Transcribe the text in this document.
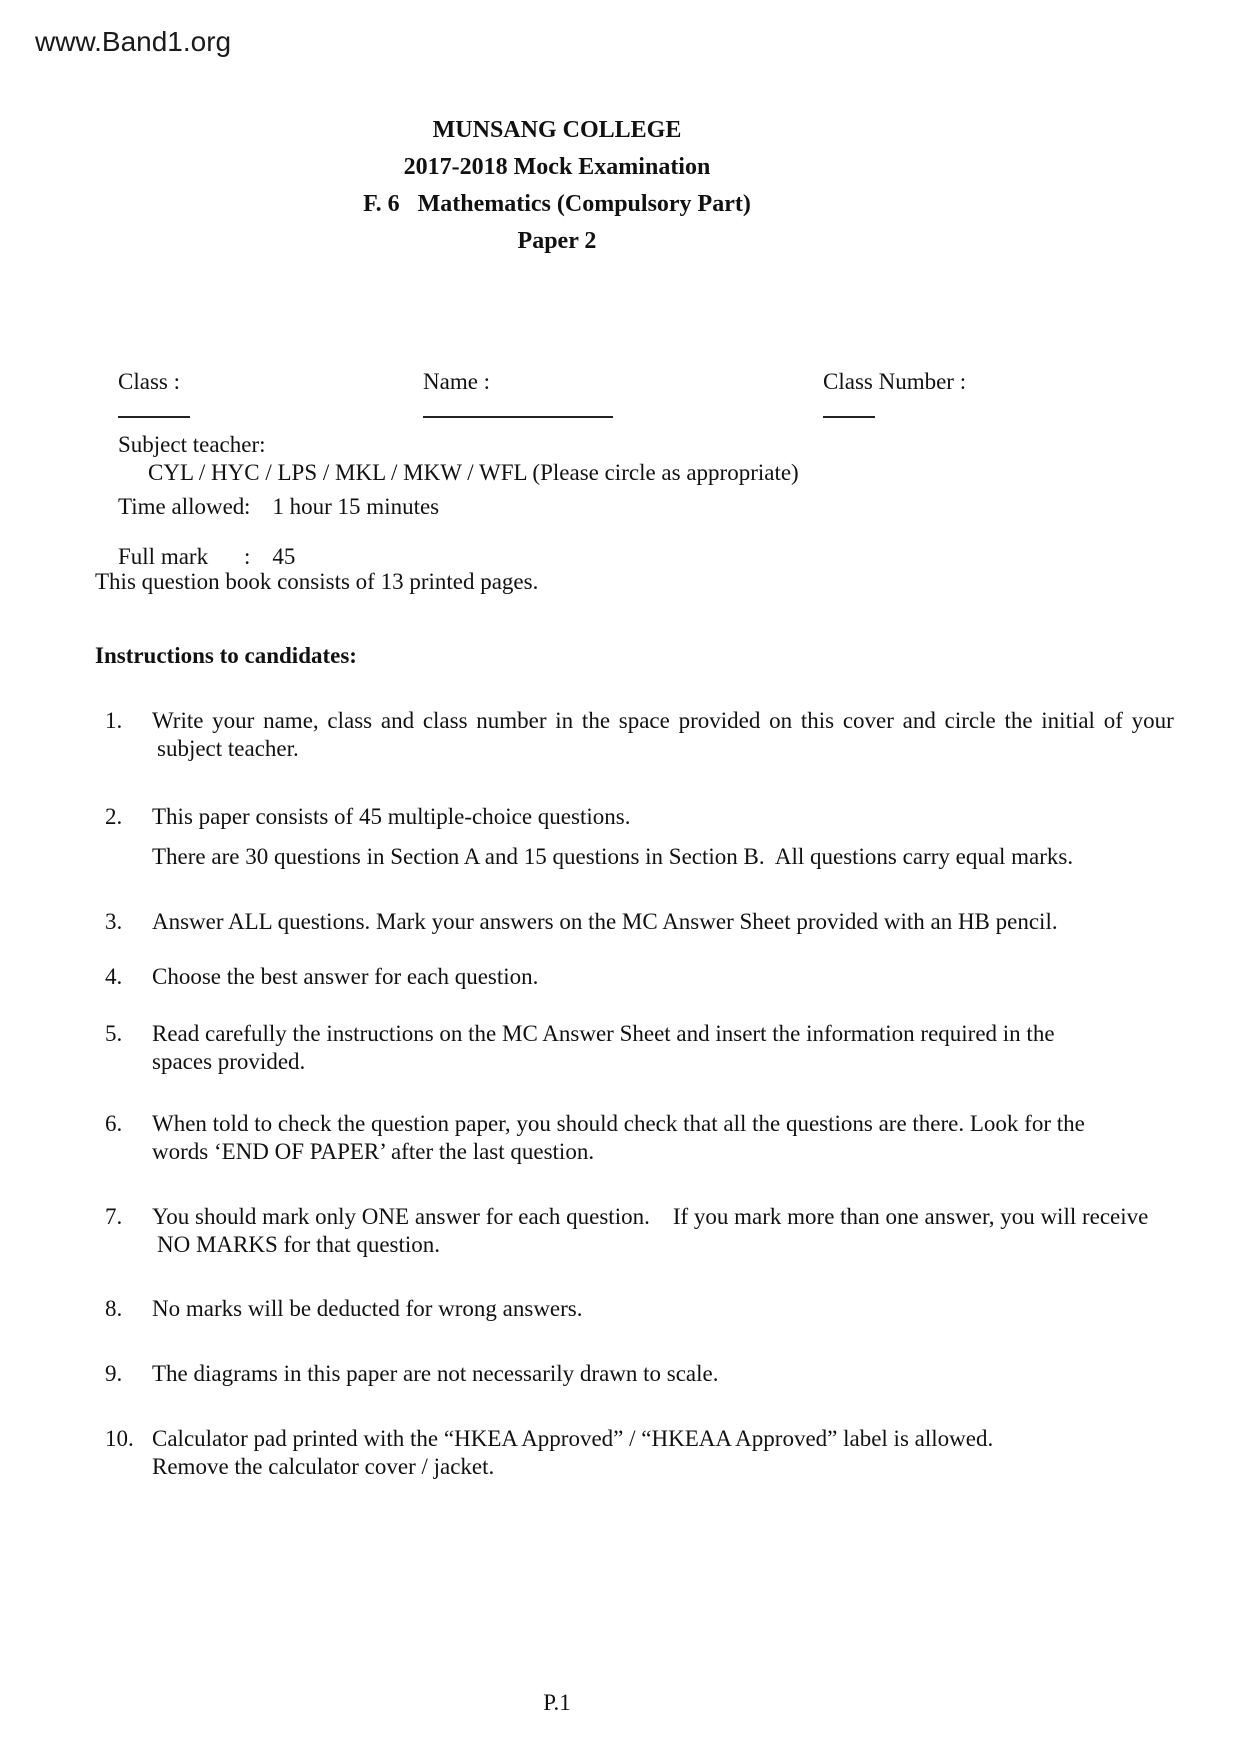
www.Band1.org
MUNSANG COLLEGE
2017-2018 Mock Examination
F. 6   Mathematics (Compulsory Part)
Paper 2

Class :

	Name :

	Class Number :

Subject teacher:
CYL / HYC / LPS / MKL / MKW / WFL (Please circle as appropriate)

Time allowed: 1 hour 15 minutes

Full mark : 45

This question book consists of 13 printed pages.
Instructions to candidates:
1. Write your name, class and class number in the space provided on this cover and circle the initial of your
subject teacher.
2. This paper consists of 45 multiple-choice questions.
There are 30 questions in Section A and 15 questions in Section B.  All questions carry equal marks.
3. Answer ALL questions. Mark your answers on the MC Answer Sheet provided with an HB pencil.
4. Choose the best answer for each question.
5. Read carefully the instructions on the MC Answer Sheet and insert the information required in the
spaces provided.
6. When told to check the question paper, you should check that all the questions are there. Look for the
words ‘END OF PAPER’ after the last question.
7. You should mark only ONE answer for each question.    If you mark more than one answer, you will receive
NO MARKS for that question.
8. No marks will be deducted for wrong answers.
9. The diagrams in this paper are not necessarily drawn to scale.
10. Calculator pad printed with the “HKEA Approved” / “HKEAA Approved” label is allowed.
Remove the calculator cover / jacket.
P.1
